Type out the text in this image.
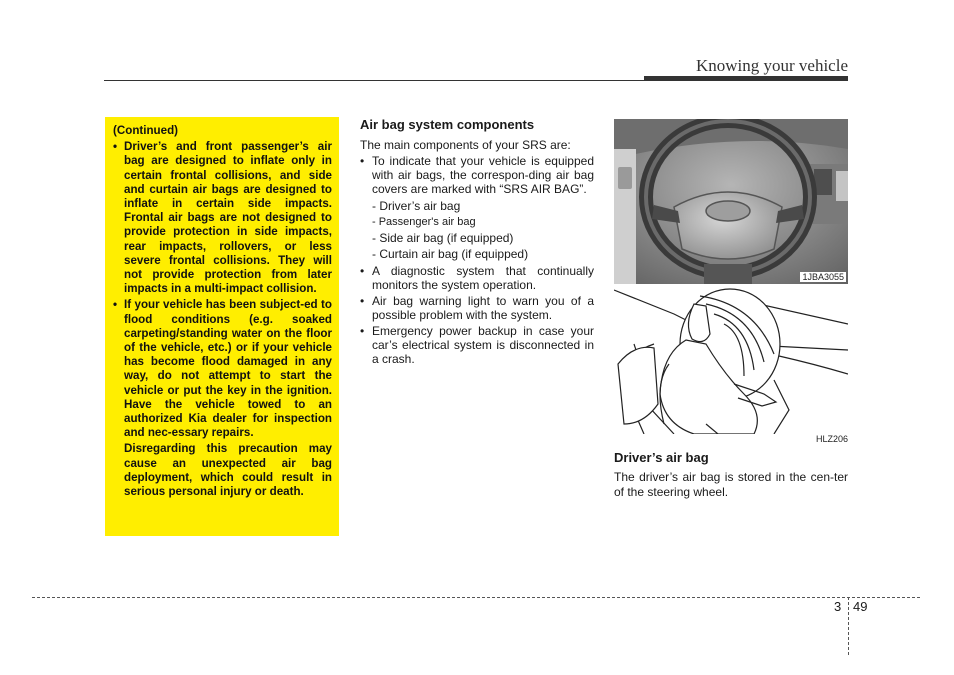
Knowing your vehicle
(Continued)
• Driver’s and front passenger’s air bag are designed to inflate only in certain frontal collisions, and side and curtain air bags are designed to inflate in certain side impacts. Frontal air bags are not designed to provide protection in side impacts, rear impacts, rollovers, or less severe frontal collisions. They will not provide protection from later impacts in a multi-impact collision.
• If your vehicle has been subject-ed to flood conditions (e.g. soaked carpeting/standing water on the floor of the vehicle, etc.) or if your vehicle has become flood damaged in any way, do not attempt to start the vehicle or put the key in the ignition. Have the vehicle towed to an authorized Kia dealer for inspection and nec-essary repairs.
Disregarding this precaution may cause an unexpected air bag deployment, which could result in serious personal injury or death.
Air bag system components
The main components of your SRS are:
• To indicate that your vehicle is equipped with air bags, the correspon-ding air bag covers are marked with “SRS AIR BAG”.
- Driver’s air bag
- Passenger's air bag
- Side air bag (if equipped)
- Curtain air bag (if equipped)
• A diagnostic system that continually monitors the system operation.
• Air bag warning light to warn you of a possible problem with the system.
• Emergency power backup in case your car’s electrical system is disconnected in a crash.
1JBA3055
HLZ206
Driver’s air bag

The driver’s air bag is stored in the cen-ter of the steering wheel.

3 49
